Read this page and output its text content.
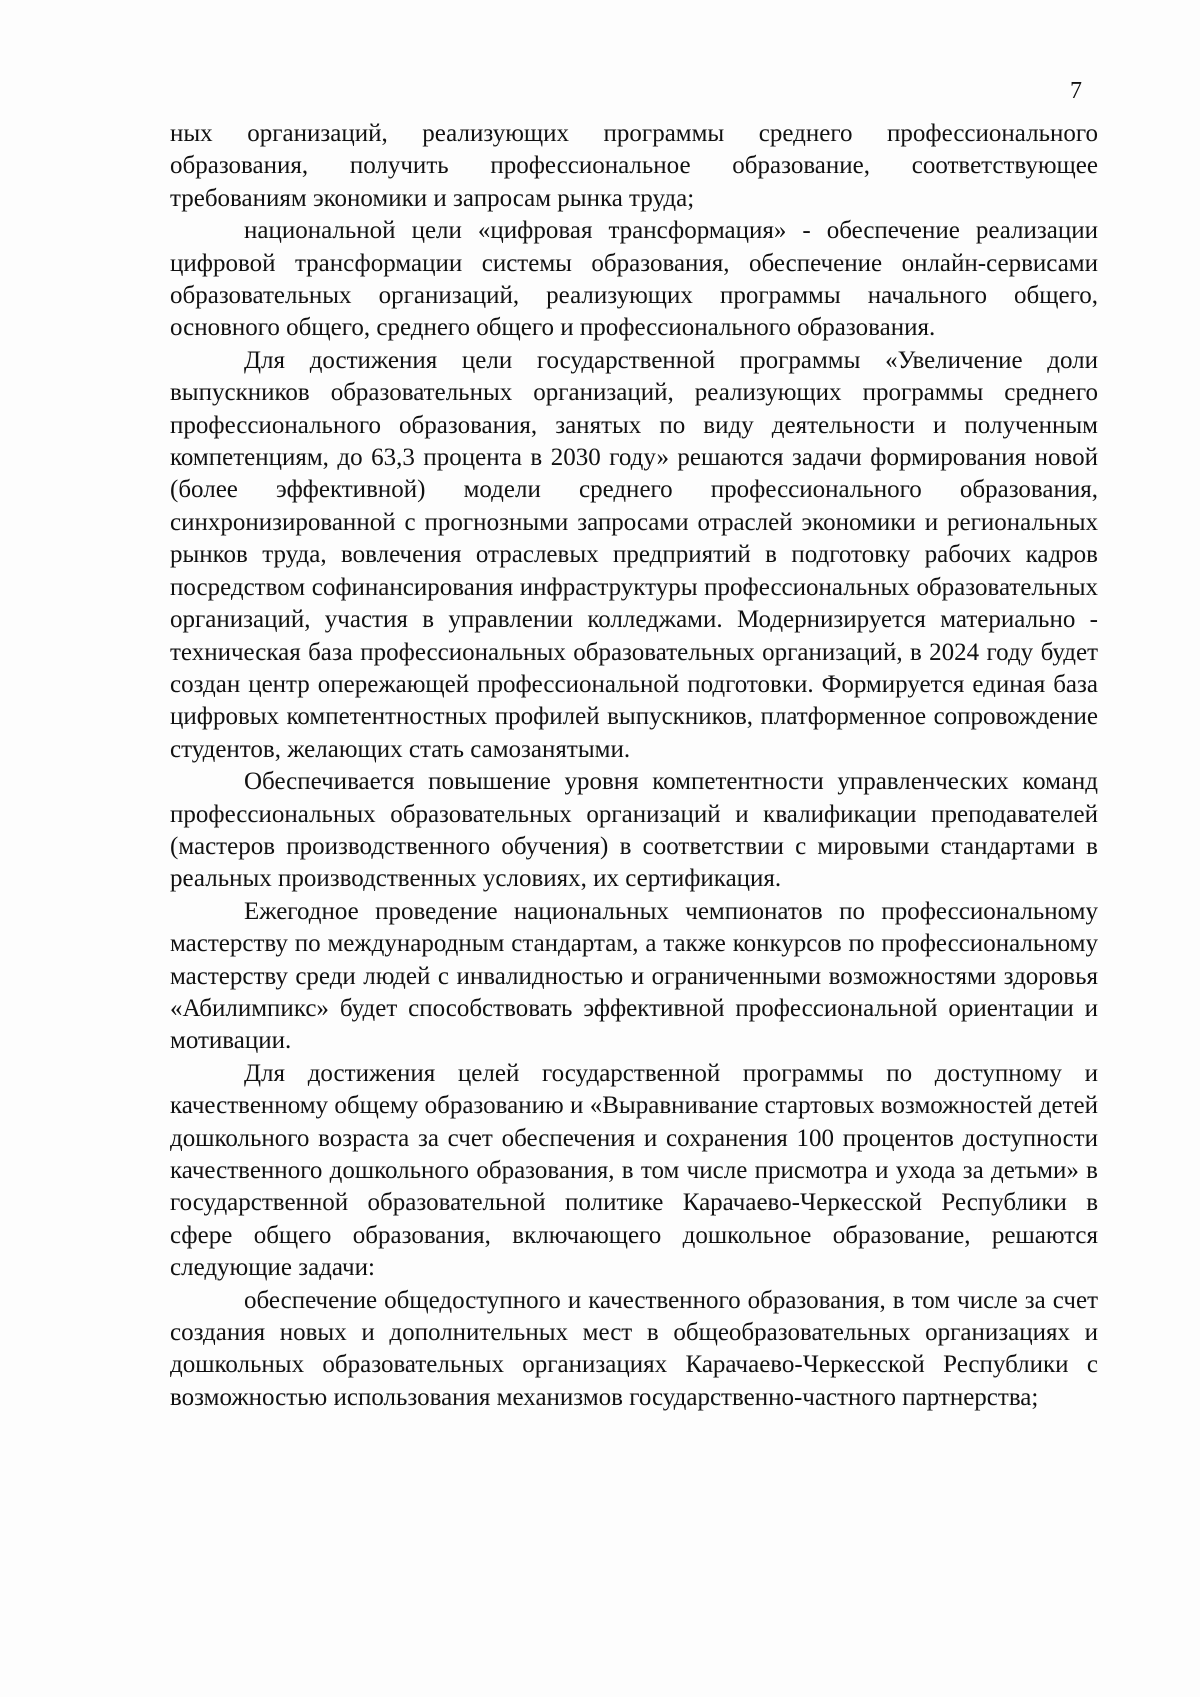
7

ных организаций, реализующих программы среднего профессионального образования, получить профессиональное образование, соответствующее требованиям экономики и запросам рынка труда;

национальной цели «цифровая трансформация» - обеспечение реализации цифровой трансформации системы образования, обеспечение онлайн-сервисами образовательных организаций, реализующих программы начального общего, основного общего, среднего общего и профессионального образования.

Для достижения цели государственной программы «Увеличение доли выпускников образовательных организаций, реализующих программы среднего профессионального образования, занятых по виду деятельности и полученным компетенциям, до 63,3 процента в 2030 году» решаются задачи формирования новой (более эффективной) модели среднего профессионального образования, синхронизированной с прогнозными запросами отраслей экономики и региональных рынков труда, вовлечения отраслевых предприятий в подготовку рабочих кадров посредством софинансирования инфраструктуры профессиональных образовательных организаций, участия в управлении колледжами. Модернизируется материально - техническая база профессиональных образовательных организаций, в 2024 году будет создан центр опережающей профессиональной подготовки. Формируется единая база цифровых компетентностных профилей выпускников, платформенное сопровождение студентов, желающих стать самозанятыми.

Обеспечивается повышение уровня компетентности управленческих команд профессиональных образовательных организаций и квалификации преподавателей (мастеров производственного обучения) в соответствии с мировыми стандартами в реальных производственных условиях, их сертификация.

Ежегодное проведение национальных чемпионатов по профессиональному мастерству по международным стандартам, а также конкурсов по профессиональному мастерству среди людей с инвалидностью и ограниченными возможностями здоровья «Абилимпикс» будет способствовать эффективной профессиональной ориентации и мотивации.

Для достижения целей государственной программы по доступному и качественному общему образованию и «Выравнивание стартовых возможностей детей дошкольного возраста за счет обеспечения и сохранения 100 процентов доступности качественного дошкольного образования, в том числе присмотра и ухода за детьми» в государственной образовательной политике Карачаево-Черкесской Республики в сфере общего образования, включающего дошкольное образование, решаются следующие задачи:

обеспечение общедоступного и качественного образования, в том числе за счет создания новых и дополнительных мест в общеобразовательных организациях и дошкольных образовательных организациях Карачаево-Черкесской Республики с возможностью использования механизмов государственно-частного партнерства;
